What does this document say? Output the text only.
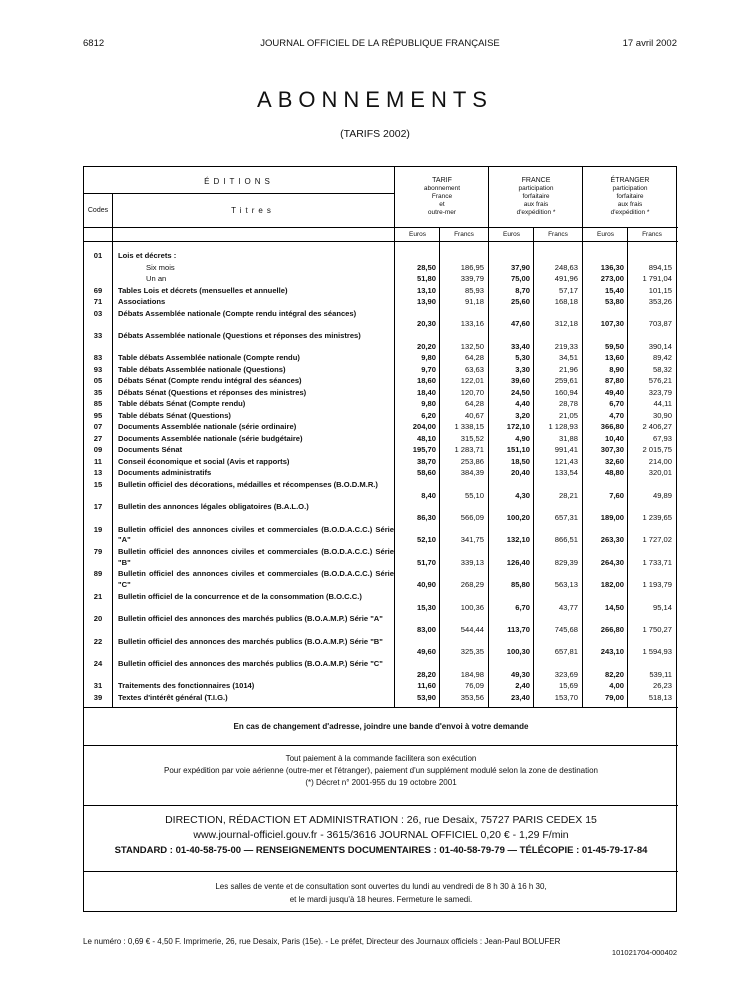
6812	JOURNAL OFFICIEL DE LA RÉPUBLIQUE FRANÇAISE	17 avril 2002
ABONNEMENTS
(TARIFS 2002)
ÉDITIONS
Codes	Titres
TARIF
abonnement
France
et
outre-mer
FRANCE
participation
forfaitaire
aux frais
d'expédition *
ÉTRANGER
participation
forfaitaire
aux frais
d'expédition *
Euros	Francs	Euros	Francs	Euros	Francs
01	Lois et décrets :
Six mois	28,50	186,95	37,90	248,63	136,30	894,15
Un an	51,80	339,79	75,00	491,96	273,00	1 791,04
69	Tables Lois et décrets (mensuelles et annuelle)	13,10	85,93	8,70	57,17	15,40	101,15
71	Associations	13,90	91,18	25,60	168,18	53,80	353,26
03	Débats Assemblée nationale (Compte rendu intégral des séances)
20,30	133,16	47,60	312,18	107,30	703,87
33	Débats Assemblée nationale (Questions et réponses des ministres)
20,20	132,50	33,40	219,33	59,50	390,14
83	Table débats Assemblée nationale (Compte rendu)	9,80	64,28	5,30	34,51	13,60	89,42
93	Table débats Assemblée nationale (Questions)	9,70	63,63	3,30	21,96	8,90	58,32
05	Débats Sénat (Compte rendu intégral des séances)	18,60	122,01	39,60	259,61	87,80	576,21
35	Débats Sénat (Questions et réponses des ministres)	18,40	120,70	24,50	160,94	49,40	323,79
85	Table débats Sénat (Compte rendu)	9,80	64,28	4,40	28,78	6,70	44,11
95	Table débats Sénat (Questions)	6,20	40,67	3,20	21,05	4,70	30,90
07	Documents Assemblée nationale (série ordinaire)	204,00	1 338,15	172,10	1 128,93	366,80	2 406,27
27	Documents Assemblée nationale (série budgétaire)	48,10	315,52	4,90	31,88	10,40	67,93
09	Documents Sénat	195,70	1 283,71	151,10	991,41	307,30	2 015,75
11	Conseil économique et social (Avis et rapports)	38,70	253,86	18,50	121,43	32,60	214,00
13	Documents administratifs	58,60	384,39	20,40	133,54	48,80	320,01
15	Bulletin officiel des décorations, médailles et récompenses (B.O.D.M.R.)
8,40	55,10	4,30	28,21	7,60	49,89
17	Bulletin des annonces légales obligatoires (B.A.L.O.)
86,30	566,09	100,20	657,31	189,00	1 239,65
19	Bulletin officiel des annonces civiles et commerciales (B.O.D.A.C.C.) Série "A"	52,10	341,75	132,10	866,51	263,30	1 727,02
79	Bulletin officiel des annonces civiles et commerciales (B.O.D.A.C.C.) Série "B"	51,70	339,13	126,40	829,39	264,30	1 733,71
89	Bulletin officiel des annonces civiles et commerciales (B.O.D.A.C.C.) Série "C"	40,90	268,29	85,80	563,13	182,00	1 193,79
21	Bulletin officiel de la concurrence et de la consommation (B.O.C.C.)
15,30	100,36	6,70	43,77	14,50	95,14
20	Bulletin officiel des annonces des marchés publics (B.O.A.M.P.) Série "A"
83,00	544,44	113,70	745,68	266,80	1 750,27
22	Bulletin officiel des annonces des marchés publics (B.O.A.M.P.) Série "B"
49,60	325,35	100,30	657,81	243,10	1 594,93
24	Bulletin officiel des annonces des marchés publics (B.O.A.M.P.) Série "C"
28,20	184,98	49,30	323,69	82,20	539,11
31	Traitements des fonctionnaires (1014)	11,60	76,09	2,40	15,69	4,00	26,23
39	Textes d'intérêt général (T.I.G.)	53,90	353,56	23,40	153,70	79,00	518,13
En cas de changement d'adresse, joindre une bande d'envoi à votre demande
Tout paiement à la commande facilitera son exécution
Pour expédition par voie aérienne (outre-mer et l'étranger), paiement d'un supplément modulé selon la zone de destination
(*) Décret n° 2001-955 du 19 octobre 2001
DIRECTION, RÉDACTION ET ADMINISTRATION : 26, rue Desaix, 75727 PARIS CEDEX 15
www.journal-officiel.gouv.fr - 3615/3616 JOURNAL OFFICIEL 0,20 € - 1,29 F/min
STANDARD : 01-40-58-75-00 — RENSEIGNEMENTS DOCUMENTAIRES : 01-40-58-79-79 — TÉLÉCOPIE : 01-45-79-17-84
Les salles de vente et de consultation sont ouvertes du lundi au vendredi de 8 h 30 à 16 h 30,
et le mardi jusqu'à 18 heures. Fermeture le samedi.
Le numéro : 0,69 € - 4,50 F. Imprimerie, 26, rue Desaix, Paris (15e). - Le préfet, Directeur des Journaux officiels : Jean-Paul BOLUFER
101021704-000402
